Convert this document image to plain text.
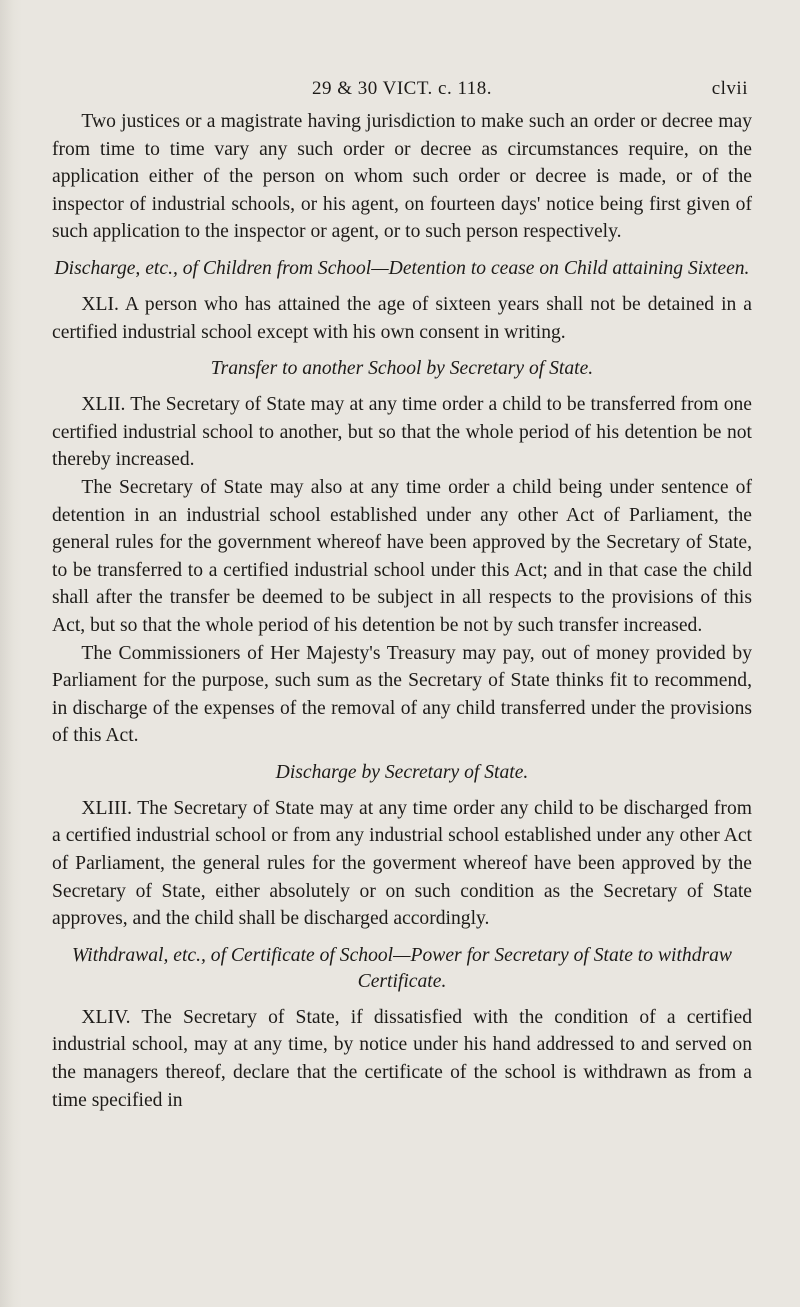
29 & 30 VICT. c. 118.	clvii

Two justices or a magistrate having jurisdiction to make such an order or decree may from time to time vary any such order or decree as circumstances require, on the application either of the person on whom such order or decree is made, or of the inspector of industrial schools, or his agent, on fourteen days' notice being first given of such application to the inspector or agent, or to such person respectively.

Discharge, etc., of Children from School—Detention to cease on Child attaining Sixteen.

XLI. A person who has attained the age of sixteen years shall not be detained in a certified industrial school except with his own consent in writing.

Transfer to another School by Secretary of State.

XLII. The Secretary of State may at any time order a child to be transferred from one certified industrial school to another, but so that the whole period of his detention be not thereby increased.

The Secretary of State may also at any time order a child being under sentence of detention in an industrial school established under any other Act of Parliament, the general rules for the government whereof have been approved by the Secretary of State, to be transferred to a certified industrial school under this Act; and in that case the child shall after the transfer be deemed to be subject in all respects to the provisions of this Act, but so that the whole period of his detention be not by such transfer increased.

The Commissioners of Her Majesty's Treasury may pay, out of money provided by Parliament for the purpose, such sum as the Secretary of State thinks fit to recommend, in discharge of the expenses of the removal of any child transferred under the provisions of this Act.

Discharge by Secretary of State.

XLIII. The Secretary of State may at any time order any child to be discharged from a certified industrial school or from any industrial school established under any other Act of Parliament, the general rules for the goverment whereof have been approved by the Secretary of State, either absolutely or on such condition as the Secretary of State approves, and the child shall be discharged accordingly.

Withdrawal, etc., of Certificate of School—Power for Secretary of State to withdraw Certificate.

XLIV. The Secretary of State, if dissatisfied with the condition of a certified industrial school, may at any time, by notice under his hand addressed to and served on the managers thereof, declare that the certificate of the school is withdrawn as from a time specified in
